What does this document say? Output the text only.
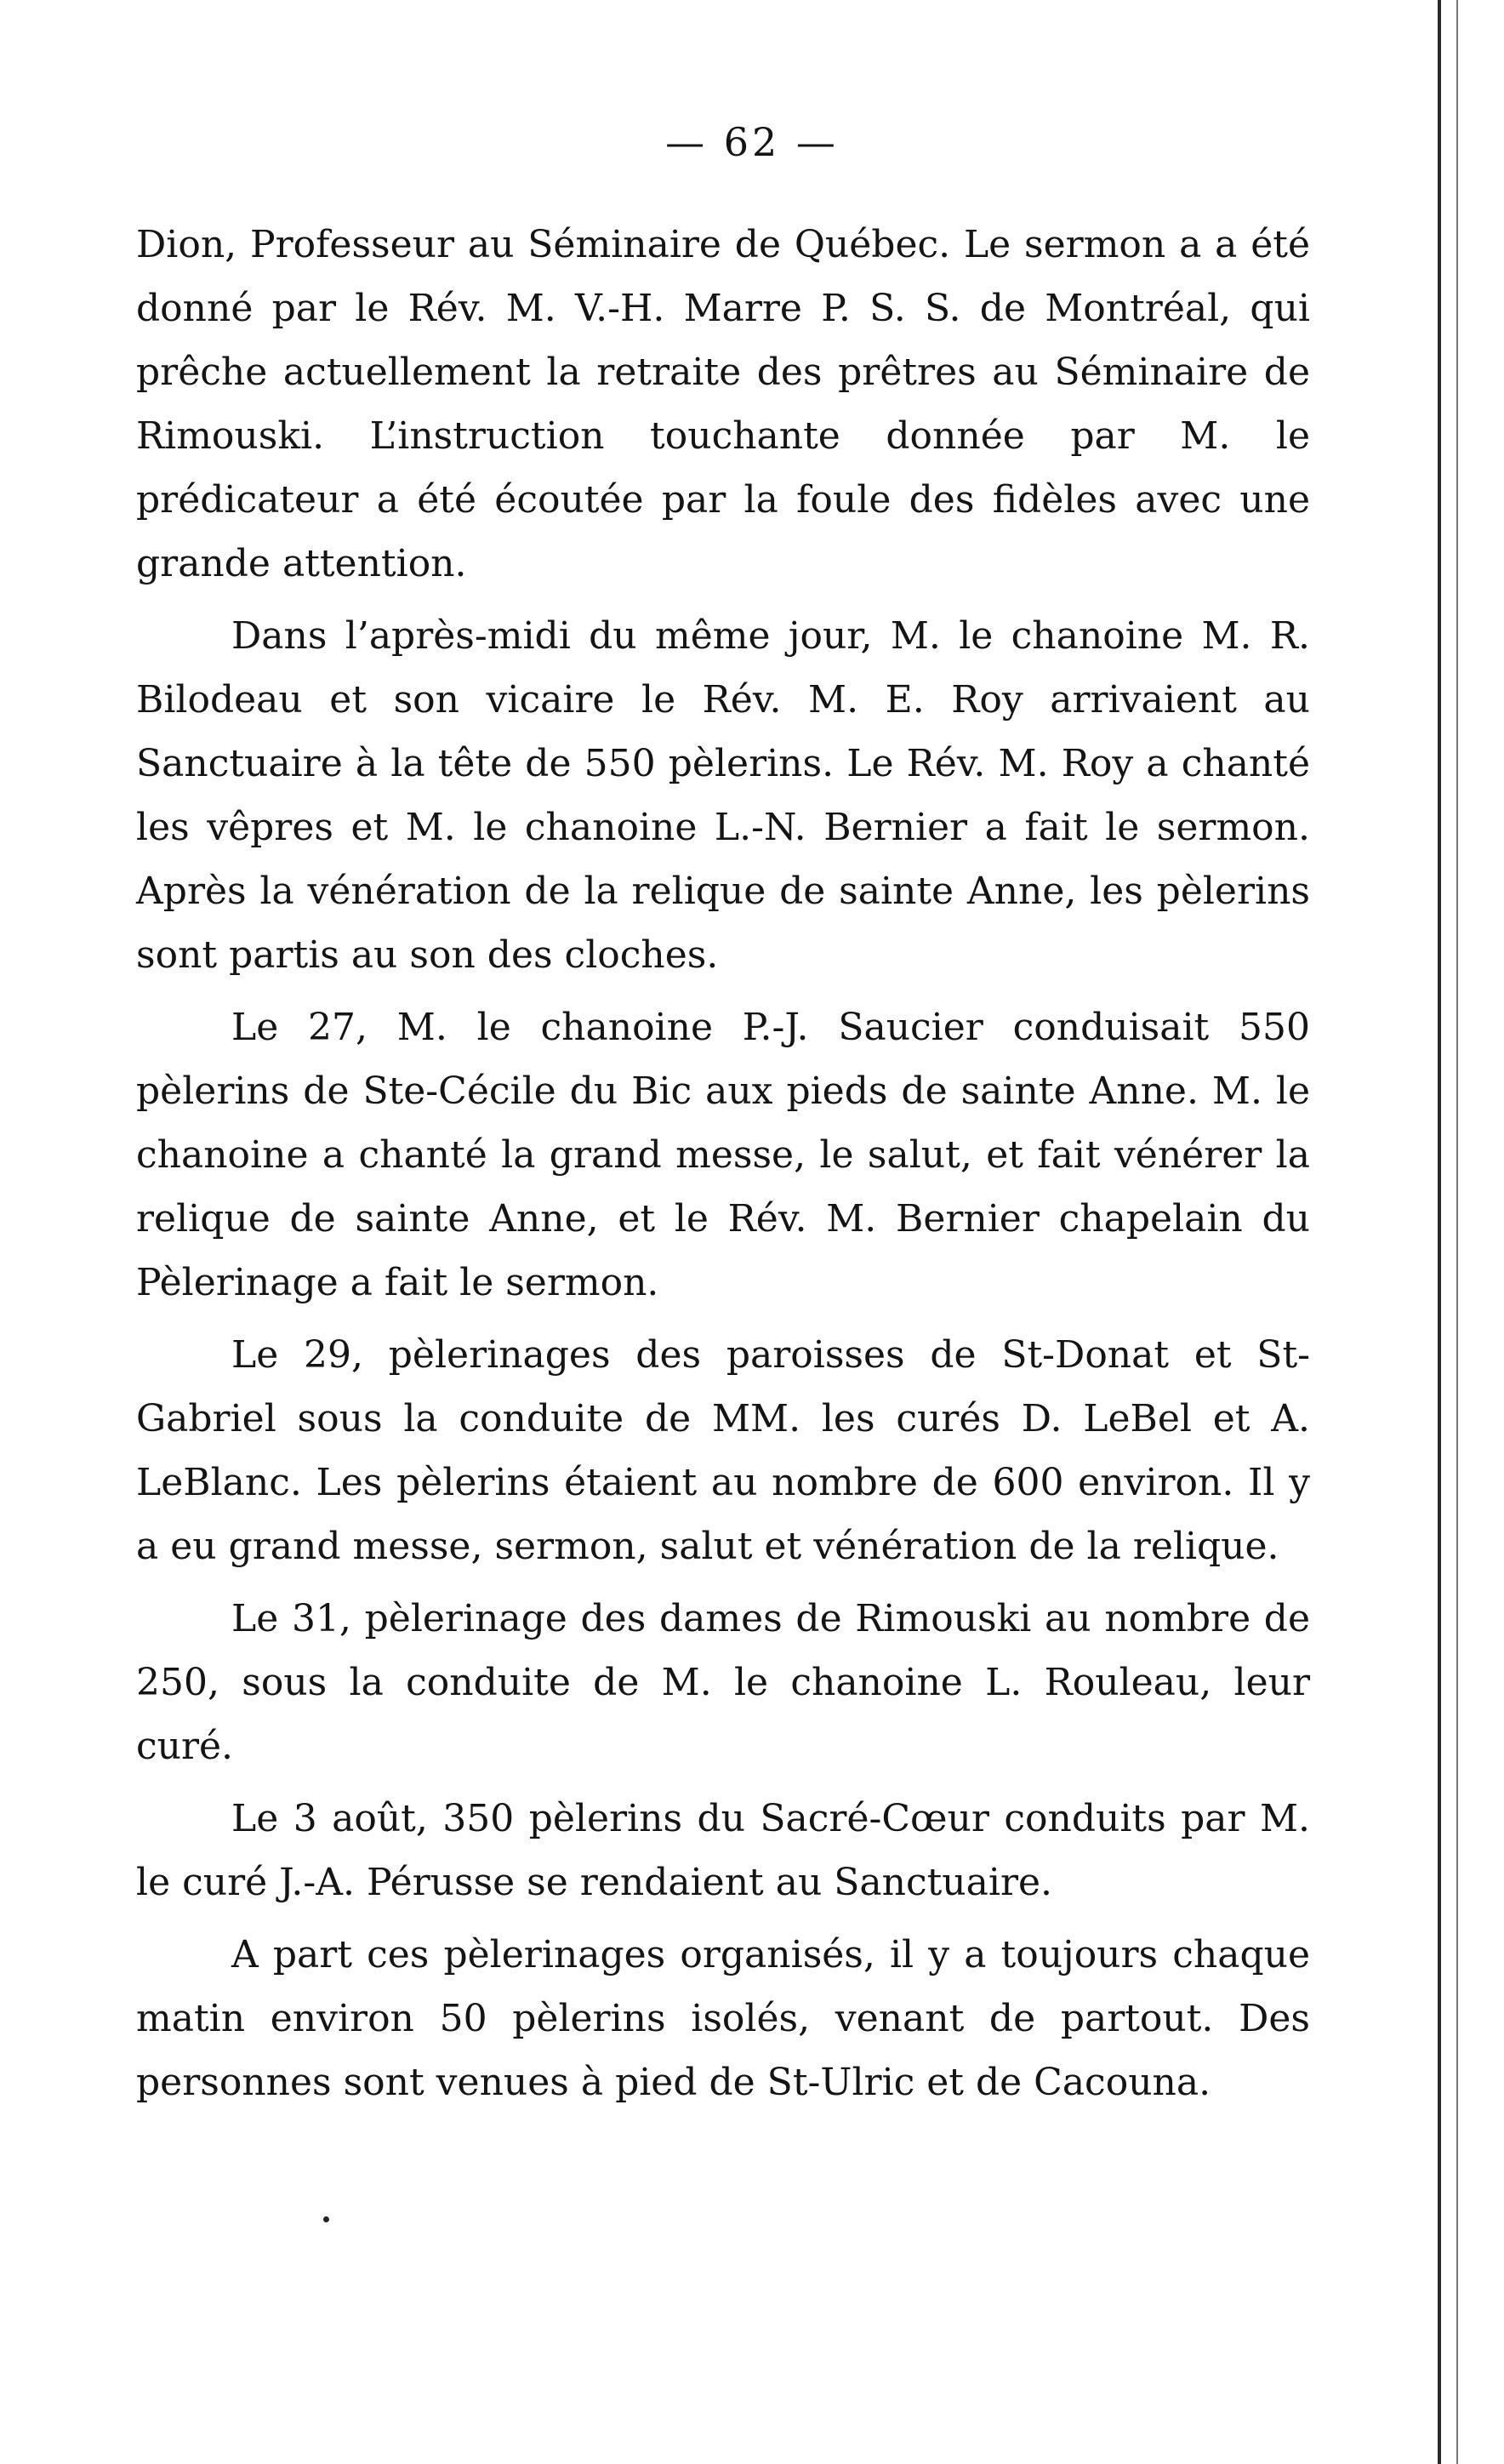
— 62 —

Dion, Professeur au Séminaire de Québec. Le sermon a a été donné par le Rév. M. V.-H. Marre P. S. S. de Montréal, qui prêche actuellement la retraite des prêtres au Séminaire de Rimouski. L’instruction touchante donnée par M. le prédicateur a été écoutée par la foule des fidèles avec une grande attention.

Dans l’après-midi du même jour, M. le chanoine M. R. Bilodeau et son vicaire le Rév. M. E. Roy arrivaient au Sanctuaire à la tête de 550 pèlerins. Le Rév. M. Roy a chanté les vêpres et M. le chanoine L.-N. Bernier a fait le sermon. Après la vénération de la relique de sainte Anne, les pèlerins sont partis au son des cloches.

Le 27, M. le chanoine P.-J. Saucier conduisait 550 pèlerins de Ste-Cécile du Bic aux pieds de sainte Anne. M. le chanoine a chanté la grand messe, le salut, et fait vénérer la relique de sainte Anne, et le Rév. M. Bernier chapelain du Pèlerinage a fait le sermon.

Le 29, pèlerinages des paroisses de St-Donat et St-Gabriel sous la conduite de MM. les curés D. LeBel et A. LeBlanc. Les pèlerins étaient au nombre de 600 environ. Il y a eu grand messe, sermon, salut et vénération de la relique.

Le 31, pèlerinage des dames de Rimouski au nombre de 250, sous la conduite de M. le chanoine L. Rouleau, leur curé.

Le 3 août, 350 pèlerins du Sacré-Cœur conduits par M. le curé J.-A. Pérusse se rendaient au Sanctuaire.

A part ces pèlerinages organisés, il y a toujours chaque matin environ 50 pèlerins isolés, venant de partout. Des personnes sont venues à pied de St-Ulric et de Cacouna.
